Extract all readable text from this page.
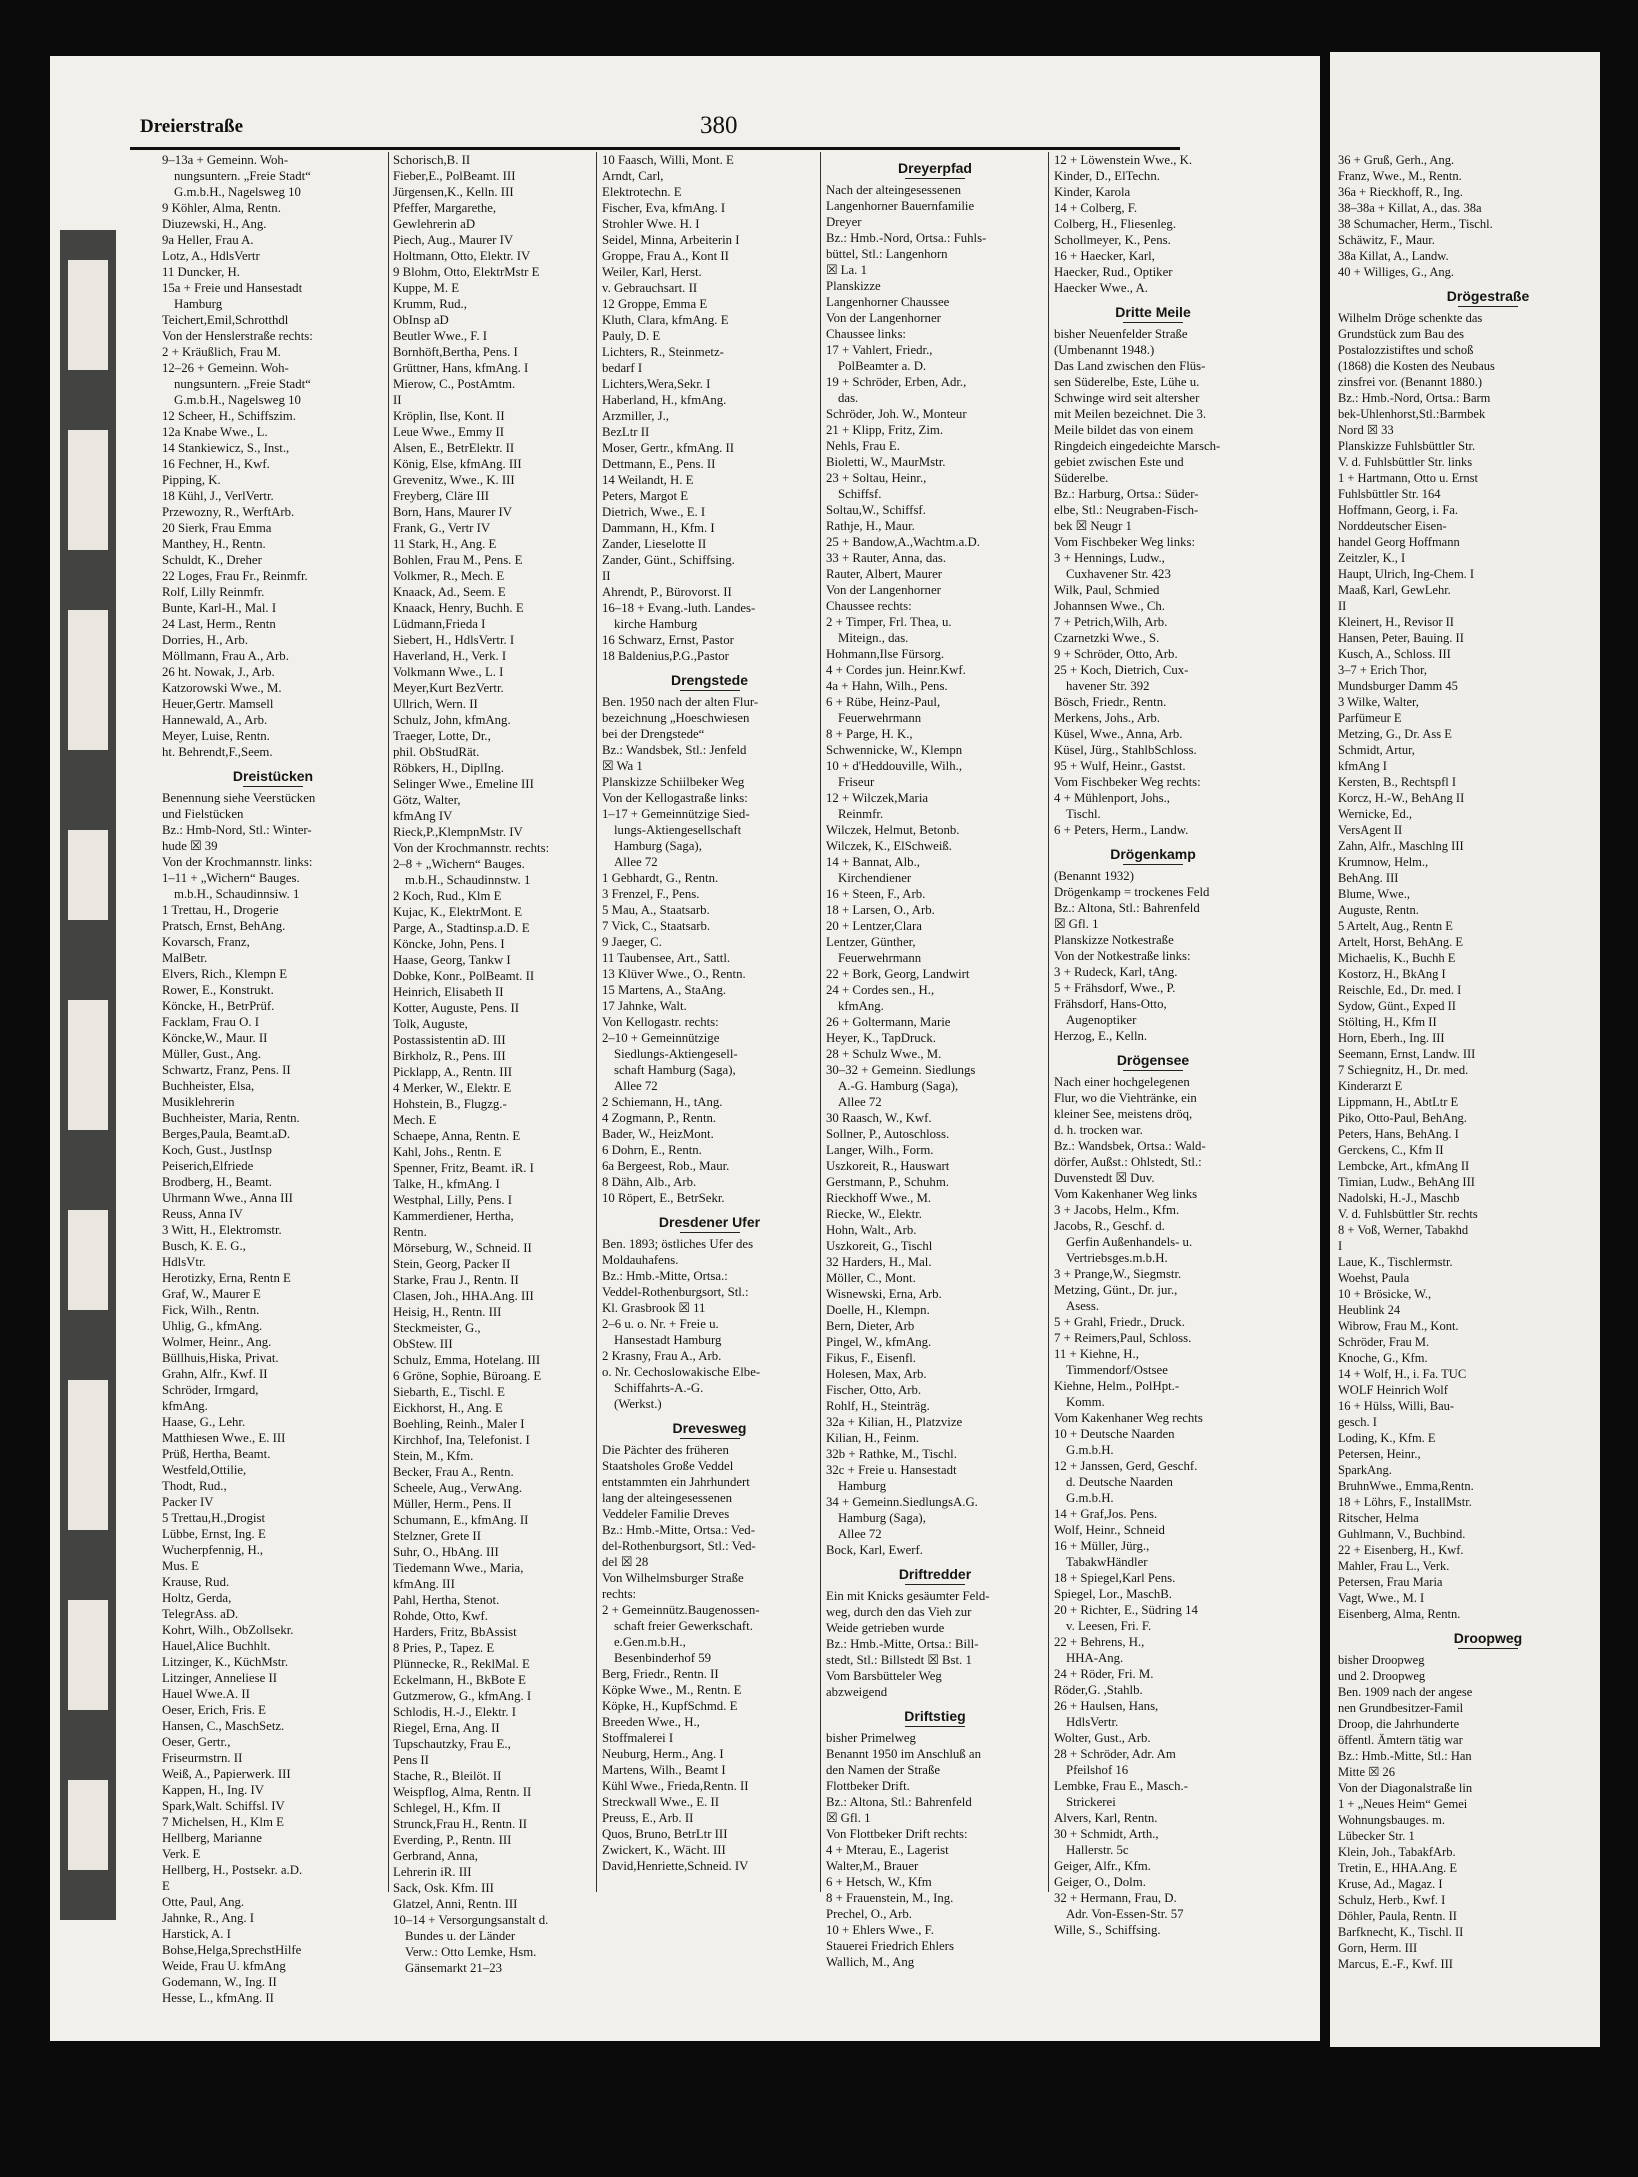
36 + Gruß, Gerh., Ang.
Franz, Wwe., M., Rentn.
36a + Rieckhoff, R., Ing.
38–38a + Killat, A., das. 38a
38 Schumacher, Herm., Tischl.
Schäwitz, F., Maur.
38a Killat, A., Landw.
40 + Williges, G., Ang.
Drögestraße
Wilhelm Dröge schenkte das
Grundstück zum Bau des
Postalozzistiftes und schoß
(1868) die Kosten des Neubaus
zinsfrei vor. (Benannt 1880.)
Bz.: Hmb.-Nord, Ortsa.: Barm
bek-Uhlenhorst,Stl.:Barmbek
Nord ☒ 33
Planskizze Fuhlsbüttler Str.
V. d. Fuhlsbüttler Str. links
1 + Hartmann, Otto u. Ernst
Fuhlsbüttler Str. 164
Hoffmann, Georg, i. Fa.
Norddeutscher Eisen-
handel Georg Hoffmann
Zeitzler, K., I
Haupt, Ulrich, Ing-Chem. I
Maaß, Karl, GewLehr.
II
Kleinert, H., Revisor II
Hansen, Peter, Bauing. II
Kusch, A., Schloss. III
3–7 + Erich Thor,
Mundsburger Damm 45
3 Wilke, Walter,
Parfümeur E
Metzing, G., Dr. Ass E
Schmidt, Artur,
kfmAng I
Kersten, B., Rechtspfl I
Korcz, H.-W., BehAng II
Wernicke, Ed.,
VersAgent II
Zahn, Alfr., Maschlng III
Krumnow, Helm.,
BehAng. III
Blume, Wwe.,
Auguste, Rentn.
5 Artelt, Aug., Rentn E
Artelt, Horst, BehAng. E
Michaelis, K., Buchh E
Kostorz, H., BkAng I
Reischle, Ed., Dr. med. I
Sydow, Günt., Exped II
Stölting, H., Kfm II
Horn, Eberh., Ing. III
Seemann, Ernst, Landw. III
7 Schiegnitz, H., Dr. med.
Kinderarzt E
Lippmann, H., AbtLtr E
Piko, Otto-Paul, BehAng.
Peters, Hans, BehAng. I
Gerckens, C., Kfm II
Lembcke, Art., kfmAng II
Timian, Ludw., BehAng III
Nadolski, H.-J., Maschb
V. d. Fuhlsbüttler Str. rechts
8 + Voß, Werner, Tabakhd
I
Laue, K., Tischlermstr.
Woehst, Paula
10 + Brösicke, W.,
Heublink 24
Wibrow, Frau M., Kont.
Schröder, Frau M.
Knoche, G., Kfm.
14 + Wolf, H., i. Fa. TUC
WOLF Heinrich Wolf
16 + Hülss, Willi, Bau-
gesch. I
Loding, K., Kfm. E
Petersen, Heinr.,
SparkAng.
BruhnWwe., Emma,Rentn.
18 + Löhrs, F., InstallMstr.
Ritscher, Helma
Guhlmann, V., Buchbind.
22 + Eisenberg, H., Kwf.
Mahler, Frau L., Verk.
Petersen, Frau Maria
Vagt, Wwe., M. I
Eisenberg, Alma, Rentn.
Droopweg
bisher Droopweg
und 2. Droopweg
Ben. 1909 nach der angese
nen Grundbesitzer-Famil
Droop, die Jahrhunderte
öffentl. Ämtern tätig war
Bz.: Hmb.-Mitte, Stl.: Han
Mitte ☒ 26
Von der Diagonalstraße lin
1 + „Neues Heim“ Gemei
Wohnungsbauges. m.
Lübecker Str. 1
Klein, Joh., TabakfArb.
Tretin, E., HHA.Ang. E
Kruse, Ad., Magaz. I
Schulz, Herb., Kwf. I
Döhler, Paula, Rentn. II
Barfknecht, K., Tischl. II
Gorn, Herm. III
Marcus, E.-F., Kwf. III
Dreierstraße	380
9–13a + Gemeinn. Woh-
nungsuntern. „Freie Stadt“
G.m.b.H., Nagelsweg 10
9 Köhler, Alma, Rentn.
Diuzewski, H., Ang.
9a Heller, Frau A.
Lotz, A., HdlsVertr
11 Duncker, H.
15a + Freie und Hansestadt
Hamburg
Teichert,Emil,Schrotthdl
Von der Henslerstraße rechts:
2 + Kräußlich, Frau M.
12–26 + Gemeinn. Woh-
nungsuntern. „Freie Stadt“
G.m.b.H., Nagelsweg 10
12 Scheer, H., Schiffszim.
12a Knabe Wwe., L.
14 Stankiewicz, S., Inst.,
16 Fechner, H., Kwf.
Pipping, K.
18 Kühl, J., VerlVertr.
Przewozny, R., WerftArb.
20 Sierk, Frau Emma
Manthey, H., Rentn.
Schuldt, K., Dreher
22 Loges, Frau Fr., Reinmfr.
Rolf, Lilly Reinmfr.
Bunte, Karl-H., Mal. I
24 Last, Herm., Rentn
Dorries, H., Arb.
Möllmann, Frau A., Arb.
26 ht. Nowak, J., Arb.
Katzorowski Wwe., M.
Heuer,Gertr. Mamsell
Hannewald, A., Arb.
Meyer, Luise, Rentn.
ht. Behrendt,F.,Seem.
Dreistücken
Benennung siehe Veerstücken
und Fielstücken
Bz.: Hmb-Nord, Stl.: Winter-
hude ☒ 39
Von der Krochmannstr. links:
1–11 + „Wichern“ Bauges.
m.b.H., Schaudinnsiw. 1
1 Trettau, H., Drogerie
Pratsch, Ernst, BehAng.
Kovarsch, Franz,
MalBetr.
Elvers, Rich., Klempn E
Rower, E., Konstrukt.
Köncke, H., BetrPrüf.
Facklam, Frau O. I
Köncke,W., Maur. II
Müller, Gust., Ang.
Schwartz, Franz, Pens. II
Buchheister, Elsa,
Musiklehrerin
Buchheister, Maria, Rentn.
Berges,Paula, Beamt.aD.
Koch, Gust., JustInsp
Peiserich,Elfriede
Brodberg, H., Beamt.
Uhrmann Wwe., Anna III
Reuss, Anna IV
3 Witt, H., Elektromstr.
Busch, K. E. G.,
HdlsVtr.
Herotizky, Erna, Rentn E
Graf, W., Maurer E
Fick, Wilh., Rentn.
Uhlig, G., kfmAng.
Wolmer, Heinr., Ang.
Büllhuis,Hiska, Privat.
Grahn, Alfr., Kwf. II
Schröder, Irmgard,
kfmAng.
Haase, G., Lehr.
Matthiesen Wwe., E. III
Prüß, Hertha, Beamt.
Westfeld,Ottilie,
Thodt, Rud.,
Packer IV
5 Trettau,H.,Drogist
Lübbe, Ernst, Ing. E
Wucherpfennig, H.,
Mus. E
Krause, Rud.
Holtz, Gerda,
TelegrAss. aD.
Kohrt, Wilh., ObZollsekr.
Hauel,Alice Buchhlt.
Litzinger, K., KüchMstr.
Litzinger, Anneliese II
Hauel Wwe.A. II
Oeser, Erich, Fris. E
Hansen, C., MaschSetz.
Oeser, Gertr.,
Friseurmstrn. II
Weiß, A., Papierwerk. III
Kappen, H., Ing. IV
Spark,Walt. Schiffsl. IV
7 Michelsen, H., Klm E
Hellberg, Marianne
Verk. E
Hellberg, H., Postsekr. a.D.
E
Otte, Paul, Ang.
Jahnke, R., Ang. I
Harstick, A. I
Bohse,Helga,SprechstHilfe
Weide, Frau U. kfmAng
Godemann, W., Ing. II
Hesse, L., kfmAng. II
Schorisch,B. II
Fieber,E., PolBeamt. III
Jürgensen,K., Kelln. III
Pfeffer, Margarethe,
Gewlehrerin aD
Piech, Aug., Maurer IV
Holtmann, Otto, Elektr. IV
9 Blohm, Otto, ElektrMstr E
Kuppe, M. E
Krumm, Rud.,
ObInsp aD
Beutler Wwe., F. I
Bornhöft,Bertha, Pens. I
Grüttner, Hans, kfmAng. I
Mierow, C., PostAmtm.
II
Kröplin, Ilse, Kont. II
Leue Wwe., Emmy II
Alsen, E., BetrElektr. II
König, Else, kfmAng. III
Grevenitz, Wwe., K. III
Freyberg, Cläre III
Born, Hans, Maurer IV
Frank, G., Vertr IV
11 Stark, H., Ang. E
Bohlen, Frau M., Pens. E
Volkmer, R., Mech. E
Knaack, Ad., Seem. E
Knaack, Henry, Buchh. E
Lüdmann,Frieda I
Siebert, H., HdlsVertr. I
Haverland, H., Verk. I
Volkmann Wwe., L. I
Meyer,Kurt BezVertr.
Ullrich, Wern. II
Schulz, John, kfmAng.
Traeger, Lotte, Dr.,
phil. ObStudRät.
Röbkers, H., DiplIng.
Selinger Wwe., Emeline III
Götz, Walter,
kfmAng IV
Rieck,P.,KlempnMstr. IV
Von der Krochmannstr. rechts:
2–8 + „Wichern“ Bauges.
m.b.H., Schaudinnstw. 1
2 Koch, Rud., Klm E
Kujac, K., ElektrMont. E
Parge, A., Stadtinsp.a.D. E
Köncke, John, Pens. I
Haase, Georg, Tankw I
Dobke, Konr., PolBeamt. II
Heinrich, Elisabeth II
Kotter, Auguste, Pens. II
Tolk, Auguste,
Postassistentin aD. III
Birkholz, R., Pens. III
Picklapp, A., Rentn. III
4 Merker, W., Elektr. E
Hohstein, B., Flugzg.-
Mech. E
Schaepe, Anna, Rentn. E
Kahl, Johs., Rentn. E
Spenner, Fritz, Beamt. iR. I
Talke, H., kfmAng. I
Westphal, Lilly, Pens. I
Kammerdiener, Hertha,
Rentn.
Mörseburg, W., Schneid. II
Stein, Georg, Packer II
Starke, Frau J., Rentn. II
Clasen, Joh., HHA.Ang. III
Heisig, H., Rentn. III
Steckmeister, G.,
ObStew. III
Schulz, Emma, Hotelang. III
6 Gröne, Sophie, Büroang. E
Siebarth, E., Tischl. E
Eickhorst, H., Ang. E
Boehling, Reinh., Maler I
Kirchhof, Ina, Telefonist. I
Stein, M., Kfm.
Becker, Frau A., Rentn.
Scheele, Aug., VerwAng.
Müller, Herm., Pens. II
Schumann, E., kfmAng. II
Stelzner, Grete II
Suhr, O., HbAng. III
Tiedemann Wwe., Maria,
kfmAng. III
Pahl, Hertha, Stenot.
Rohde, Otto, Kwf.
Harders, Fritz, BbAssist
8 Pries, P., Tapez. E
Plünnecke, R., ReklMal. E
Eckelmann, H., BkBote E
Gutzmerow, G., kfmAng. I
Schlodis, H.-J., Elektr. I
Riegel, Erna, Ang. II
Tupschautzky, Frau E.,
Pens II
Stache, R., Bleilöt. II
Weispflog, Alma, Rentn. II
Schlegel, H., Kfm. II
Strunck,Frau H., Rentn. II
Everding, P., Rentn. III
Gerbrand, Anna,
Lehrerin iR. III
Sack, Osk. Kfm. III
Glatzel, Anni, Rentn. III
10–14 + Versorgungsanstalt d.
Bundes u. der Länder
Verw.: Otto Lemke, Hsm.
Gänsemarkt 21–23
10 Faasch, Willi, Mont. E
Arndt, Carl,
Elektrotechn. E
Fischer, Eva, kfmAng. I
Strohler Wwe. H. I
Seidel, Minna, Arbeiterin I
Groppe, Frau A., Kont II
Weiler, Karl, Herst.
v. Gebrauchsart. II
12 Groppe, Emma E
Kluth, Clara, kfmAng. E
Pauly, D. E
Lichters, R., Steinmetz-
bedarf I
Lichters,Wera,Sekr. I
Haberland, H., kfmAng.
Arzmiller, J.,
BezLtr II
Moser, Gertr., kfmAng. II
Dettmann, E., Pens. II
14 Weilandt, H. E
Peters, Margot E
Dietrich, Wwe., E. I
Dammann, H., Kfm. I
Zander, Lieselotte II
Zander, Günt., Schiffsing.
II
Ahrendt, P., Bürovorst. II
16–18 + Evang.-luth. Landes-
kirche Hamburg
16 Schwarz, Ernst, Pastor
18 Baldenius,P.G.,Pastor
Drengstede
Ben. 1950 nach der alten Flur-
bezeichnung „Hoeschwiesen
bei der Drengstede“
Bz.: Wandsbek, Stl.: Jenfeld
☒ Wa 1
Planskizze Schiilbeker Weg
Von der Kellogastraße links:
1–17 + Gemeinnützige Sied-
lungs-Aktiengesellschaft
Hamburg (Saga),
Allee 72
1 Gebhardt, G., Rentn.
3 Frenzel, F., Pens.
5 Mau, A., Staatsarb.
7 Vick, C., Staatsarb.
9 Jaeger, C.
11 Taubensee, Art., Sattl.
13 Klüver Wwe., O., Rentn.
15 Martens, A., StaAng.
17 Jahnke, Walt.
Von Kellogastr. rechts:
2–10 + Gemeinnützige
Siedlungs-Aktiengesell-
schaft Hamburg (Saga),
Allee 72
2 Schiemann, H., tAng.
4 Zogmann, P., Rentn.
Bader, W., HeizMont.
6 Dohrn, E., Rentn.
6a Bergeest, Rob., Maur.
8 Dähn, Alb., Arb.
10 Röpert, E., BetrSekr.
Dresdener Ufer
Ben. 1893; östliches Ufer des
Moldauhafens.
Bz.: Hmb.-Mitte, Ortsa.:
Veddel-Rothenburgsort, Stl.:
Kl. Grasbrook ☒ 11
2–6 u. o. Nr. + Freie u.
Hansestadt Hamburg
2 Krasny, Frau A., Arb.
o. Nr. Cechoslowakische Elbe-
Schiffahrts-A.-G.
(Werkst.)
Drevesweg
Die Pächter des früheren
Staatsholes Große Veddel
entstammten ein Jahrhundert
lang der alteingesessenen
Veddeler Familie Dreves
Bz.: Hmb.-Mitte, Ortsa.: Ved-
del-Rothenburgsort, Stl.: Ved-
del ☒ 28
Von Wilhelmsburger Straße
rechts:
2 + Gemeinnütz.Baugenossen-
schaft freier Gewerkschaft.
e.Gen.m.b.H.,
Besenbinderhof 59
Berg, Friedr., Rentn. II
Köpke Wwe., M., Rentn. E
Köpke, H., KupfSchmd. E
Breeden Wwe., H.,
Stoffmalerei I
Neuburg, Herm., Ang. I
Martens, Wilh., Beamt I
Kühl Wwe., Frieda,Rentn. II
Streckwall Wwe., E. II
Preuss, E., Arb. II
Quos, Bruno, BetrLtr III
Zwickert, K., Wächt. III
David,Henriette,Schneid. IV
Dreyerpfad
Nach der alteingesessenen
Langenhorner Bauernfamilie
Dreyer
Bz.: Hmb.-Nord, Ortsa.: Fuhls-
büttel, Stl.: Langenhorn
☒ La. 1
Planskizze
Langenhorner Chaussee
Von der Langenhorner
Chaussee links:
17 + Vahlert, Friedr.,
PolBeamter a. D.
19 + Schröder, Erben, Adr.,
das.
Schröder, Joh. W., Monteur
21 + Klipp, Fritz, Zim.
Nehls, Frau E.
Bioletti, W., MaurMstr.
23 + Soltau, Heinr.,
Schiffsf.
Soltau,W., Schiffsf.
Rathje, H., Maur.
25 + Bandow,A.,Wachtm.a.D.
33 + Rauter, Anna, das.
Rauter, Albert, Maurer
Von der Langenhorner
Chaussee rechts:
2 + Timper, Frl. Thea, u.
Miteign., das.
Hohmann,Ilse Fürsorg.
4 + Cordes jun. Heinr.Kwf.
4a + Hahn, Wilh., Pens.
6 + Rübe, Heinz-Paul,
Feuerwehrmann
8 + Parge, H. K.,
Schwennicke, W., Klempn
10 + d'Heddouville, Wilh.,
Friseur
12 + Wilczek,Maria
Reinmfr.
Wilczek, Helmut, Betonb.
Wilczek, K., ElSchweiß.
14 + Bannat, Alb.,
Kirchendiener
16 + Steen, F., Arb.
18 + Larsen, O., Arb.
20 + Lentzer,Clara
Lentzer, Günther,
Feuerwehrmann
22 + Bork, Georg, Landwirt
24 + Cordes sen., H.,
kfmAng.
26 + Goltermann, Marie
Heyer, K., TapDruck.
28 + Schulz Wwe., M.
30–32 + Gemeinn. Siedlungs
A.-G. Hamburg (Saga),
Allee 72
30 Raasch, W., Kwf.
Sollner, P., Autoschloss.
Langer, Wilh., Form.
Uszkoreit, R., Hauswart
Gerstmann, P., Schuhm.
Rieckhoff Wwe., M.
Riecke, W., Elektr.
Hohn, Walt., Arb.
Uszkoreit, G., Tischl
32 Harders, H., Mal.
Möller, C., Mont.
Wisnewski, Erna, Arb.
Doelle, H., Klempn.
Bern, Dieter, Arb
Pingel, W., kfmAng.
Fikus, F., Eisenfl.
Holesen, Max, Arb.
Fischer, Otto, Arb.
Rohlf, H., Steinträg.
32a + Kilian, H., Platzvize
Kilian, H., Feinm.
32b + Rathke, M., Tischl.
32c + Freie u. Hansestadt
Hamburg
34 + Gemeinn.SiedlungsA.G.
Hamburg (Saga),
Allee 72
Bock, Karl, Ewerf.
Driftredder
Ein mit Knicks gesäumter Feld-
weg, durch den das Vieh zur
Weide getrieben wurde
Bz.: Hmb.-Mitte, Ortsa.: Bill-
stedt, Stl.: Billstedt ☒ Bst. 1
Vom Barsbütteler Weg
abzweigend
Driftstieg
bisher Primelweg
Benannt 1950 im Anschluß an
den Namen der Straße
Flottbeker Drift.
Bz.: Altona, Stl.: Bahrenfeld
☒ Gfl. 1
Von Flottbeker Drift rechts:
4 + Mterau, E., Lagerist
Walter,M., Brauer
6 + Hetsch, W., Kfm
8 + Frauenstein, M., Ing.
Prechel, O., Arb.
10 + Ehlers Wwe., F.
Stauerei Friedrich Ehlers
Wallich, M., Ang
12 + Löwenstein Wwe., K.
Kinder, D., ElTechn.
Kinder, Karola
14 + Colberg, F.
Colberg, H., Fliesenleg.
Schollmeyer, K., Pens.
16 + Haecker, Karl,
Haecker, Rud., Optiker
Haecker Wwe., A.
Dritte Meile
bisher Neuenfelder Straße
(Umbenannt 1948.)
Das Land zwischen den Flüs-
sen Süderelbe, Este, Lühe u.
Schwinge wird seit altersher
mit Meilen bezeichnet. Die 3.
Meile bildet das von einem
Ringdeich eingedeichte Marsch-
gebiet zwischen Este und
Süderelbe.
Bz.: Harburg, Ortsa.: Süder-
elbe, Stl.: Neugraben-Fisch-
bek ☒ Neugr 1
Vom Fischbeker Weg links:
3 + Hennings, Ludw.,
Cuxhavener Str. 423
Wilk, Paul, Schmied
Johannsen Wwe., Ch.
7 + Petrich,Wilh, Arb.
Czarnetzki Wwe., S.
9 + Schröder, Otto, Arb.
25 + Koch, Dietrich, Cux-
havener Str. 392
Bösch, Friedr., Rentn.
Merkens, Johs., Arb.
Küsel, Wwe., Anna, Arb.
Küsel, Jürg., StahlbSchloss.
95 + Wulf, Heinr., Gastst.
Vom Fischbeker Weg rechts:
4 + Mühlenport, Johs.,
Tischl.
6 + Peters, Herm., Landw.
Drögenkamp
(Benannt 1932)
Drögenkamp = trockenes Feld
Bz.: Altona, Stl.: Bahrenfeld
☒ Gfl. 1
Planskizze Notkestraße
Von der Notkestraße links:
3 + Rudeck, Karl, tAng.
5 + Frähsdorf, Wwe., P.
Frähsdorf, Hans-Otto,
Augenoptiker
Herzog, E., Kelln.
Drögensee
Nach einer hochgelegenen
Flur, wo die Viehtränke, ein
kleiner See, meistens dröq,
d. h. trocken war.
Bz.: Wandsbek, Ortsa.: Wald-
dörfer, Außst.: Ohlstedt, Stl.:
Duvenstedt ☒ Duv.
Vom Kakenhaner Weg links
3 + Jacobs, Helm., Kfm.
Jacobs, R., Geschf. d.
Gerfin Außenhandels- u.
Vertriebsges.m.b.H.
3 + Prange,W., Siegmstr.
Metzing, Günt., Dr. jur.,
Asess.
5 + Grahl, Friedr., Druck.
7 + Reimers,Paul, Schloss.
11 + Kiehne, H.,
Timmendorf/Ostsee
Kiehne, Helm., PolHpt.-
Komm.
Vom Kakenhaner Weg rechts
10 + Deutsche Naarden
G.m.b.H.
12 + Janssen, Gerd, Geschf.
d. Deutsche Naarden
G.m.b.H.
14 + Graf,Jos. Pens.
Wolf, Heinr., Schneid
16 + Müller, Jürg.,
TabakwHändler
18 + Spiegel,Karl Pens.
Spiegel, Lor., MaschB.
20 + Richter, E., Südring 14
v. Leesen, Fri. F.
22 + Behrens, H.,
HHA-Ang.
24 + Röder, Fri. M.
Röder,G. ,Stahlb.
26 + Haulsen, Hans,
HdlsVertr.
Wolter, Gust., Arb.
28 + Schröder, Adr. Am
Pfeilshof 16
Lembke, Frau E., Masch.-
Strickerei
Alvers, Karl, Rentn.
30 + Schmidt, Arth.,
Hallerstr. 5c
Geiger, Alfr., Kfm.
Geiger, O., Dolm.
32 + Hermann, Frau, D.
Adr. Von-Essen-Str. 57
Wille, S., Schiffsing.
